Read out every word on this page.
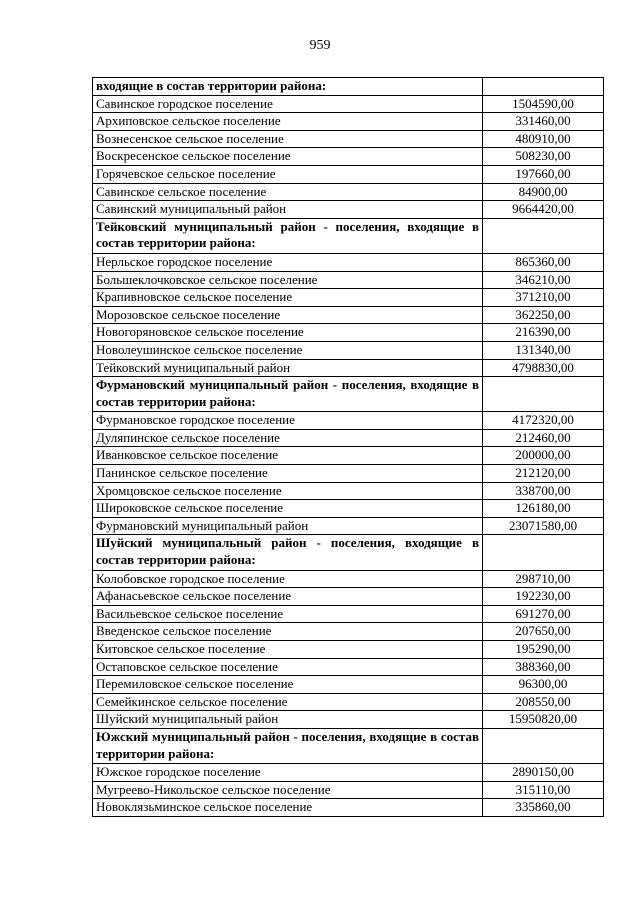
959
входящие в состав территории района:	
Савинское городское поселение	1504590,00
Архиповское сельское поселение	331460,00
Вознесенское сельское поселение	480910,00
Воскресенское сельское поселение	508230,00
Горячевское сельское поселение	197660,00
Савинское сельское поселение	84900,00
Савинский муниципальный район	9664420,00
Тейковский муниципальный район - поселения, входящие в состав территории района:	
Нерльское городское поселение	865360,00
Большеклочковское сельское поселение	346210,00
Крапивновское сельское поселение	371210,00
Морозовское сельское поселение	362250,00
Новогоряновское сельское поселение	216390,00
Новолеушинское сельское поселение	131340,00
Тейковский муниципальный район	4798830,00
Фурмановский муниципальный район - поселения, входящие в состав территории района:	
Фурмановское городское поселение	4172320,00
Дуляпинское сельское поселение	212460,00
Иванковское сельское поселение	200000,00
Панинское сельское поселение	212120,00
Хромцовское сельское поселение	338700,00
Широковское сельское поселение	126180,00
Фурмановский муниципальный район	23071580,00
Шуйский муниципальный район - поселения, входящие в состав территории района:	
Колобовское городское поселение	298710,00
Афанасьевское сельское поселение	192230,00
Васильевское сельское поселение	691270,00
Введенское сельское поселение	207650,00
Китовское сельское поселение	195290,00
Остаповское сельское поселение	388360,00
Перемиловское сельское поселение	96300,00
Семейкинское сельское поселение	208550,00
Шуйский муниципальный район	15950820,00
Южский муниципальный район - поселения, входящие в состав территории района:	
Южское городское поселение	2890150,00
Мугреево-Никольское сельское поселение	315110,00
Новоклязьминское сельское поселение	335860,00
